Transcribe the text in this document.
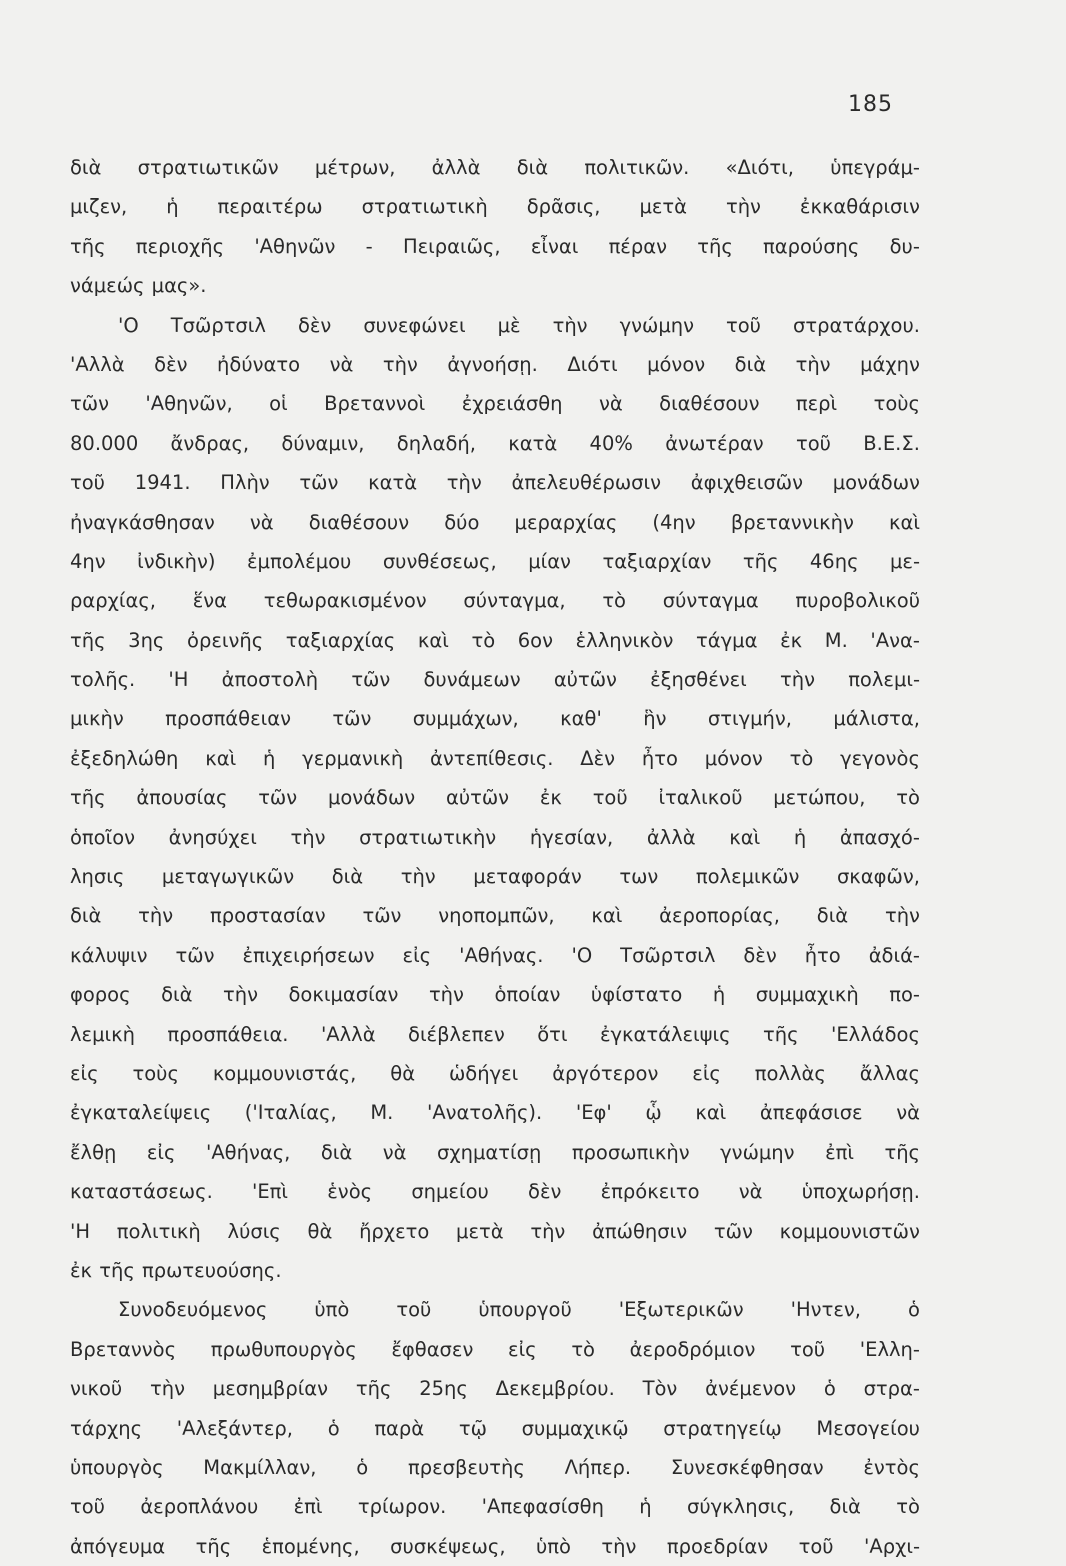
185
διὰ στρατιωτικῶν μέτρων, ἀλλὰ διὰ πολιτικῶν. «Διότι, ὑπεγράμ-
μιζεν, ἡ περαιτέρω στρατιωτικὴ δρᾶσις, μετὰ τὴν ἐκκαθάρισιν
τῆς περιοχῆς 'Αθηνῶν - Πειραιῶς, εἶναι πέραν τῆς παρούσης δυ-
νάμεώς μας».
'Ο Τσῶρτσιλ δὲν συνεφώνει μὲ τὴν γνώμην τοῦ στρατάρχου.
'Αλλὰ δὲν ἠδύνατο νὰ τὴν ἀγνοήσῃ. Διότι μόνον διὰ τὴν μάχην
τῶν 'Αθηνῶν, οἱ Βρεταννοὶ ἐχρειάσθη νὰ διαθέσουν περὶ τοὺς
80.000 ἄνδρας, δύναμιν, δηλαδή, κατὰ 40% ἀνωτέραν τοῦ Β.Ε.Σ.
τοῦ 1941. Πλὴν τῶν κατὰ τὴν ἀπελευθέρωσιν ἀφιχθεισῶν μονάδων
ἠναγκάσθησαν νὰ διαθέσουν δύο μεραρχίας (4ην βρεταννικὴν καὶ
4ην ἰνδικὴν) ἐμπολέμου συνθέσεως, μίαν ταξιαρχίαν τῆς 46ης με-
ραρχίας, ἕνα τεθωρακισμένον σύνταγμα, τὸ σύνταγμα πυροβολικοῦ
τῆς 3ης ὀρεινῆς ταξιαρχίας καὶ τὸ 6ον ἑλληνικὸν τάγμα ἐκ Μ. 'Ανα-
τολῆς. 'Η ἀποστολὴ τῶν δυνάμεων αὐτῶν ἐξησθένει τὴν πολεμι-
μικὴν προσπάθειαν τῶν συμμάχων, καθ' ἣν στιγμήν, μάλιστα,
ἐξεδηλώθη καὶ ἡ γερμανικὴ ἀντεπίθεσις. Δὲν ἦτο μόνον τὸ γεγονὸς
τῆς ἀπουσίας τῶν μονάδων αὐτῶν ἐκ τοῦ ἰταλικοῦ μετώπου, τὸ
ὁποῖον ἀνησύχει τὴν στρατιωτικὴν ἡγεσίαν, ἀλλὰ καὶ ἡ ἀπασχό-
λησις μεταγωγικῶν διὰ τὴν μεταφοράν των πολεμικῶν σκαφῶν,
διὰ τὴν προστασίαν τῶν νηοπομπῶν, καὶ ἀεροπορίας, διὰ τὴν
κάλυψιν τῶν ἐπιχειρήσεων εἰς 'Αθήνας. 'Ο Τσῶρτσιλ δὲν ἦτο ἀδιά-
φορος διὰ τὴν δοκιμασίαν τὴν ὁποίαν ὑφίστατο ἡ συμμαχικὴ πο-
λεμικὴ προσπάθεια. 'Αλλὰ διέβλεπεν ὅτι ἐγκατάλειψις τῆς 'Ελλάδος
εἰς τοὺς κομμουνιστάς, θὰ ὡδήγει ἀργότερον εἰς πολλὰς ἄλλας
ἐγκαταλείψεις ('Ιταλίας, Μ. 'Ανατολῆς). 'Εφ' ᾧ καὶ ἀπεφάσισε νὰ
ἔλθῃ εἰς 'Αθήνας, διὰ νὰ σχηματίσῃ προσωπικὴν γνώμην ἐπὶ τῆς
καταστάσεως. 'Επὶ ἑνὸς σημείου δὲν ἐπρόκειτο νὰ ὑποχωρήσῃ.
'Η πολιτικὴ λύσις θὰ ἤρχετο μετὰ τὴν ἀπώθησιν τῶν κομμουνιστῶν
ἐκ τῆς πρωτευούσης.
Συνοδευόμενος ὑπὸ τοῦ ὑπουργοῦ 'Εξωτερικῶν 'Ηντεν, ὁ
Βρεταννὸς πρωθυπουργὸς ἔφθασεν εἰς τὸ ἀεροδρόμιον τοῦ 'Ελλη-
νικοῦ τὴν μεσημβρίαν τῆς 25ης Δεκεμβρίου. Τὸν ἀνέμενον ὁ στρα-
τάρχης 'Αλεξάντερ, ὁ παρὰ τῷ συμμαχικῷ στρατηγείῳ Μεσογείου
ὑπουργὸς Μακμίλλαν, ὁ πρεσβευτὴς Λήπερ. Συνεσκέφθησαν ἐντὸς
τοῦ ἀεροπλάνου ἐπὶ τρίωρον. 'Απεφασίσθη ἡ σύγκλησις, διὰ τὸ
ἀπόγευμα τῆς ἑπομένης, συσκέψεως, ὑπὸ τὴν προεδρίαν τοῦ 'Αρχι-
